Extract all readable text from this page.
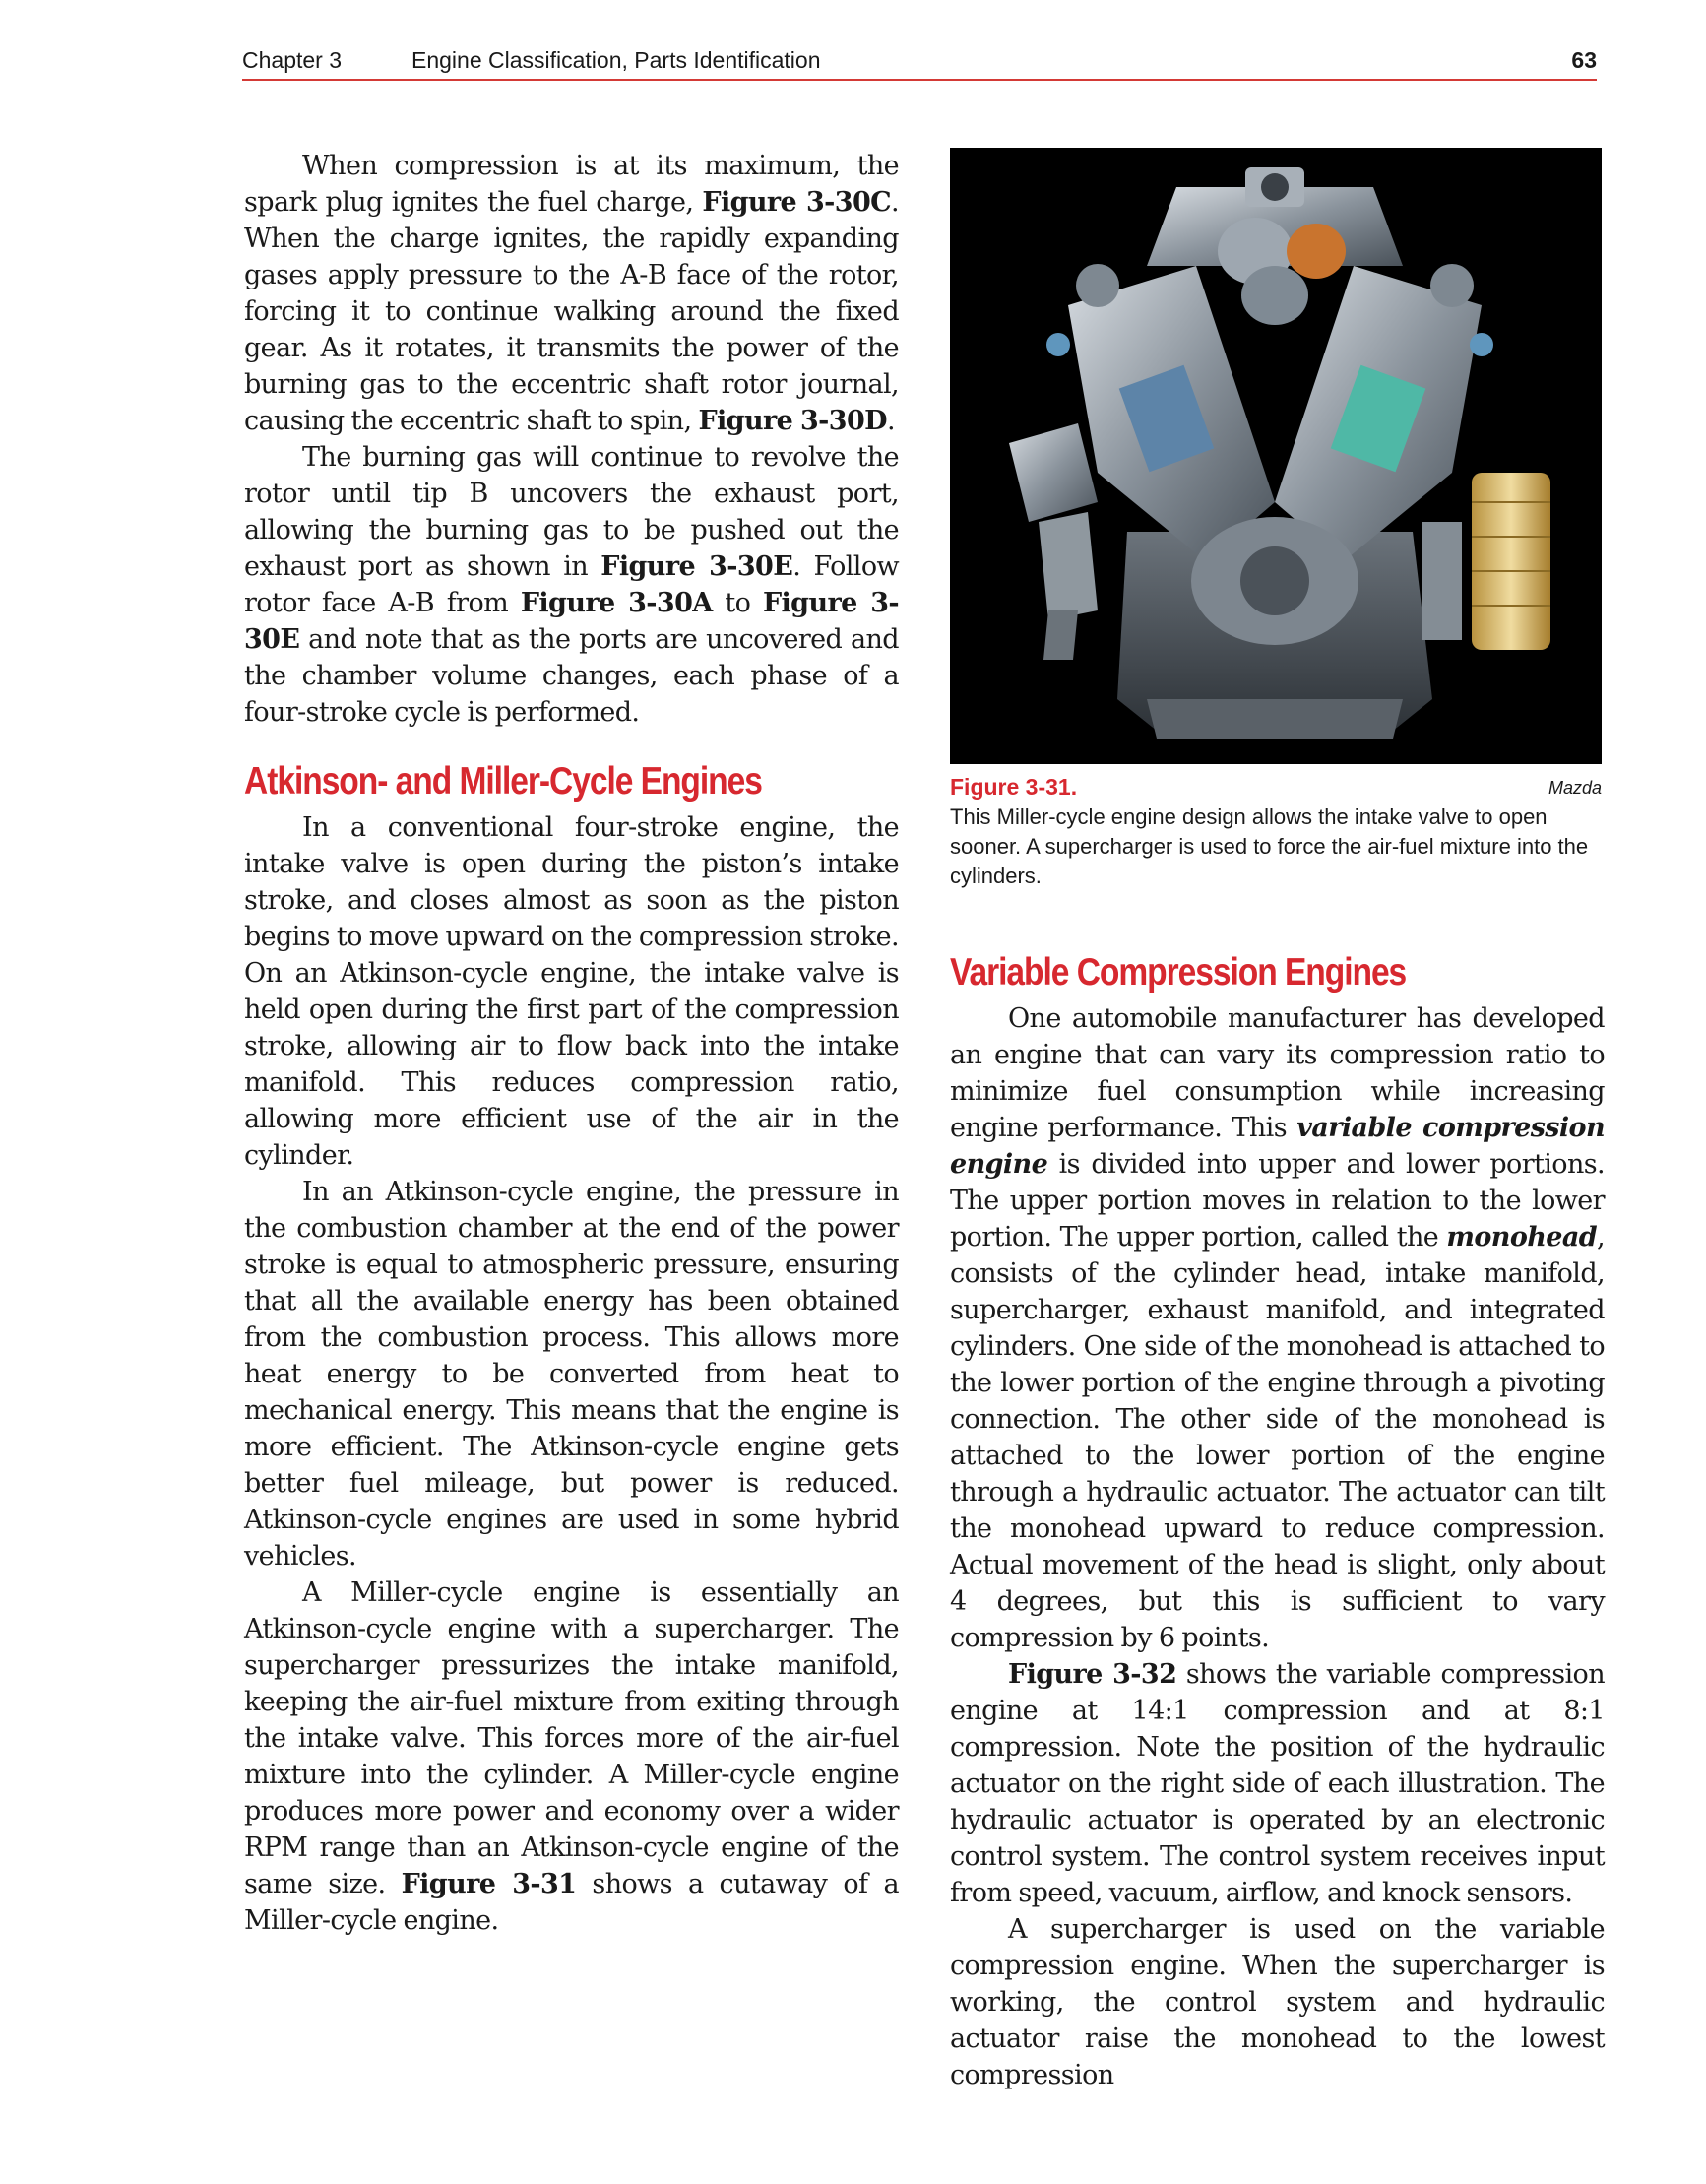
Chapter 3	Engine Classification, Parts Identification	63

When compression is at its maximum, the spark plug ignites the fuel charge, Figure 3-30C. When the charge ignites, the rapidly expanding gases apply pressure to the A-B face of the rotor, forcing it to continue walking around the fixed gear. As it rotates, it transmits the power of the burning gas to the eccentric shaft rotor journal, causing the eccentric shaft to spin, Figure 3-30D.

The burning gas will continue to revolve the rotor until tip B uncovers the exhaust port, allowing the burning gas to be pushed out the exhaust port as shown in Figure 3-30E. Follow rotor face A-B from Figure 3-30A to Figure 3-30E and note that as the ports are uncovered and the chamber volume changes, each phase of a four-stroke cycle is performed.

Atkinson- and Miller-Cycle Engines

In a conventional four-stroke engine, the intake valve is open during the piston’s intake stroke, and closes almost as soon as the piston begins to move upward on the compression stroke. On an Atkinson-cycle engine, the intake valve is held open during the first part of the compression stroke, allowing air to flow back into the intake manifold. This reduces compression ratio, allowing more efficient use of the air in the cylinder.

In an Atkinson-cycle engine, the pressure in the combustion chamber at the end of the power stroke is equal to atmospheric pressure, ensuring that all the available energy has been obtained from the combustion process. This allows more heat energy to be converted from heat to mechanical energy. This means that the engine is more efficient. The Atkinson-cycle engine gets better fuel mileage, but power is reduced. Atkinson-cycle engines are used in some hybrid vehicles.

A Miller-cycle engine is essentially an Atkinson-cycle engine with a supercharger. The supercharger pressurizes the intake manifold, keeping the air-fuel mixture from exiting through the intake valve. This forces more of the air-fuel mixture into the cylinder. A Miller-cycle engine produces more power and economy over a wider RPM range than an Atkinson-cycle engine of the same size. Figure 3-31 shows a cutaway of a Miller-cycle engine.

Figure 3-31.	Mazda
This Miller-cycle engine design allows the intake valve to open sooner. A supercharger is used to force the air-fuel mixture into the cylinders.
Variable Compression Engines

One automobile manufacturer has developed an engine that can vary its compression ratio to minimize fuel consumption while increasing engine performance. This variable compression engine is divided into upper and lower portions. The upper portion moves in relation to the lower portion. The upper portion, called the monohead, consists of the cylinder head, intake manifold, supercharger, exhaust manifold, and integrated cylinders. One side of the monohead is attached to the lower portion of the engine through a pivoting connection. The other side of the monohead is attached to the lower portion of the engine through a hydraulic actuator. The actuator can tilt the monohead upward to reduce compression. Actual movement of the head is slight, only about 4 degrees, but this is sufficient to vary compression by 6 points.

Figure 3-32 shows the variable compression engine at 14:1 compression and at 8:1 compression. Note the position of the hydraulic actuator on the right side of each illustration. The hydraulic actuator is operated by an electronic control system. The control system receives input from speed, vacuum, airflow, and knock sensors.

A supercharger is used on the variable compression engine. When the supercharger is working, the control system and hydraulic actuator raise the monohead to the lowest compression
